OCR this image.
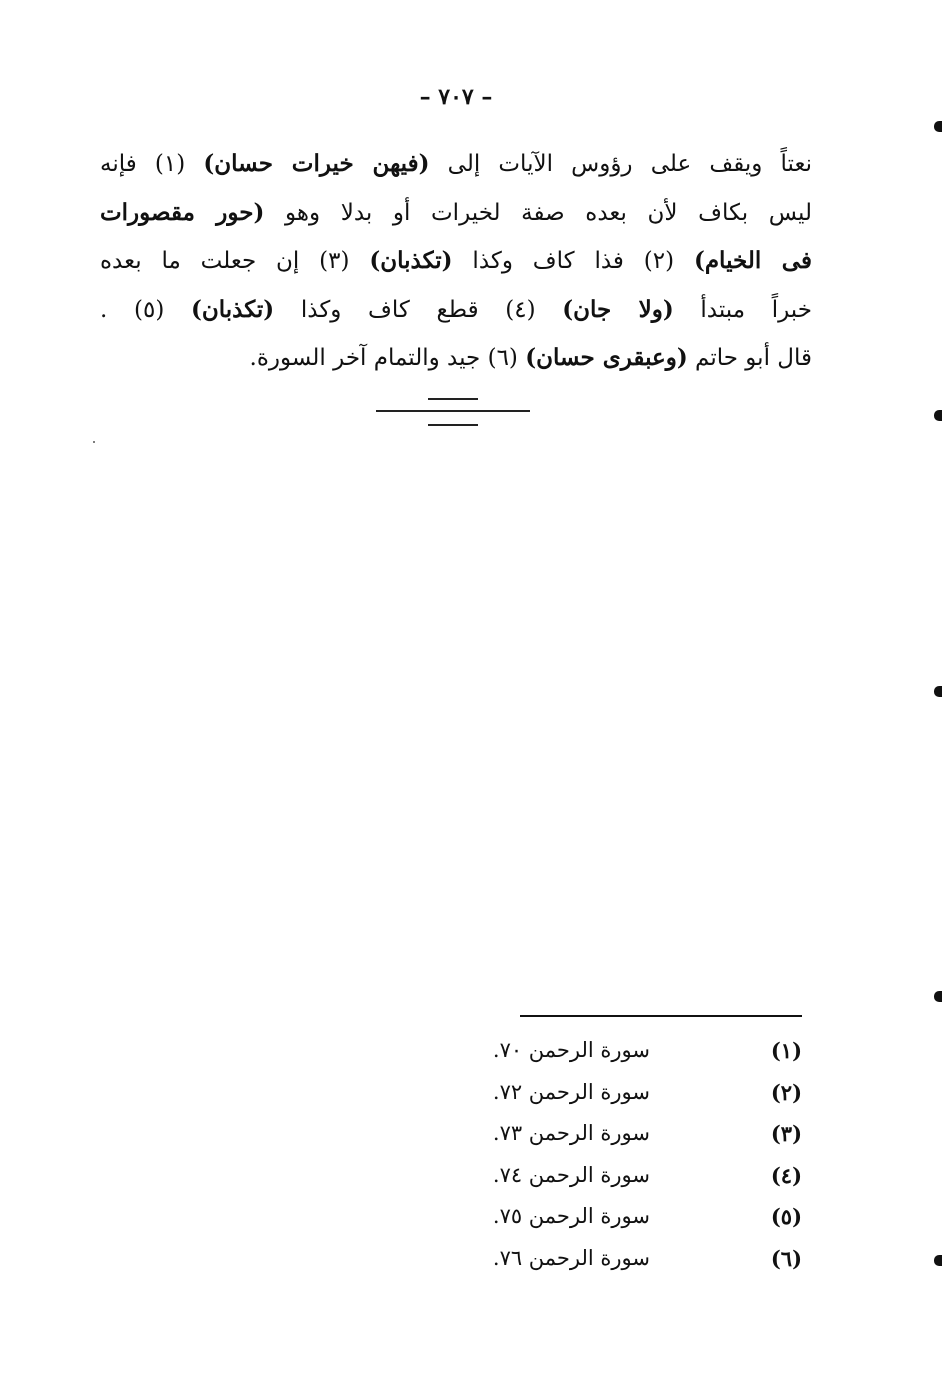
– ٧٠٧ –
نعتاً ويقف على رؤوس الآيات إلى (فيهن خيرات حسان) (١) فإنه
ليس بكاف لأن بعده صفة لخيرات أو بدلا وهو (حور مقصورات
فى الخيام) (٢) فذا كاف وكذا (تكذبان) (٣) إن جعلت ما بعده
خبراً مبتدأ (ولا جان) (٤) قطع كاف وكذا (تكذبان) (٥) .
قال أبو حاتم (وعبقرى حسان) (٦) جيد والتمام آخر السورة.
(١)
سورة الرحمن ٧٠.
(٢)
سورة الرحمن ٧٢.
(٣)
سورة الرحمن ٧٣.
(٤)
سورة الرحمن ٧٤.
(٥)
سورة الرحمن ٧٥.
(٦)
سورة الرحمن ٧٦.
